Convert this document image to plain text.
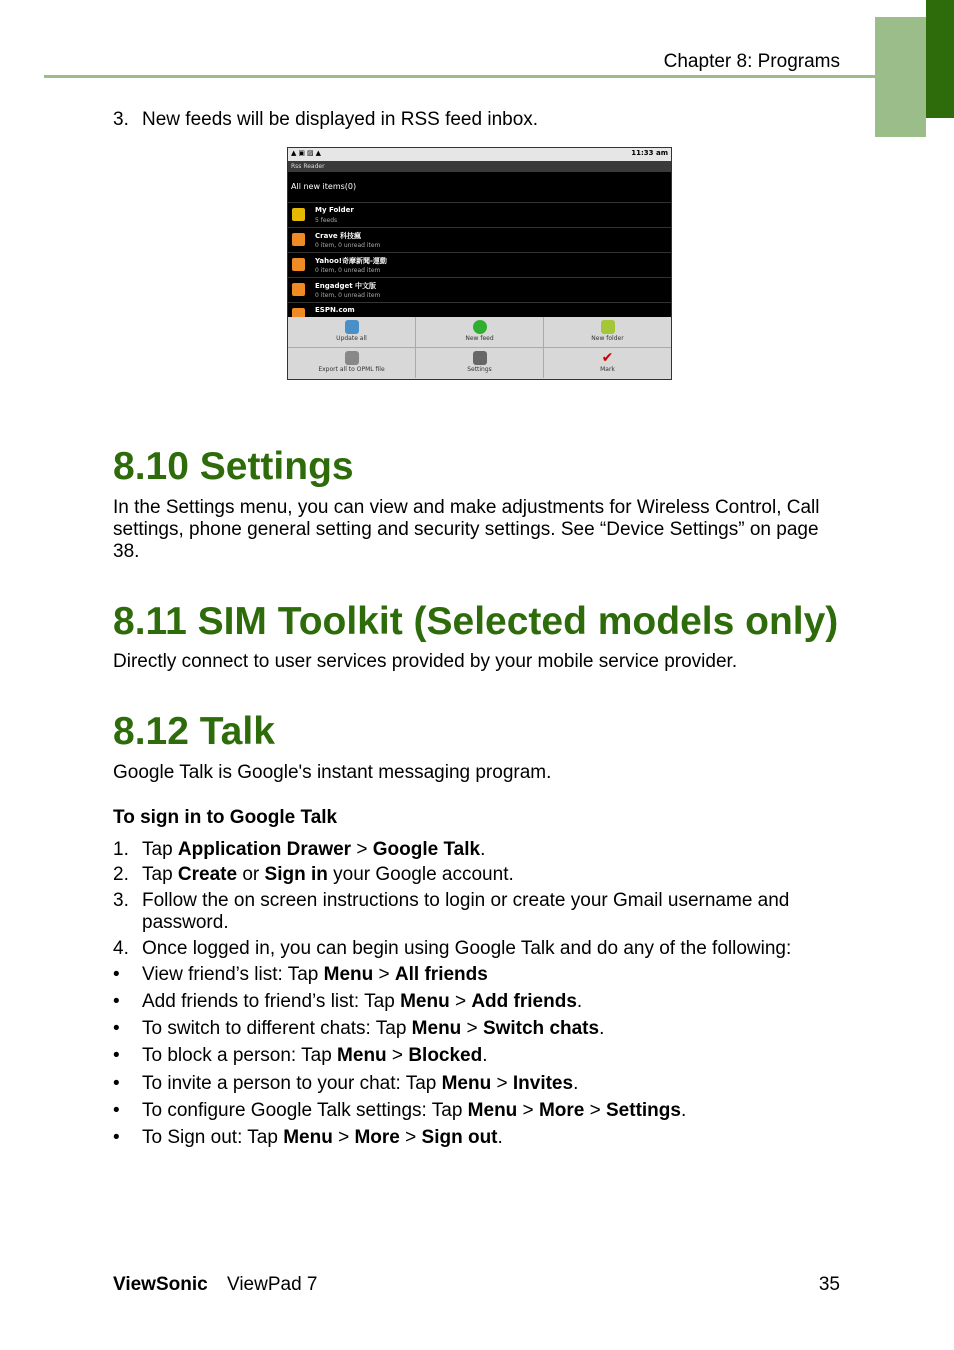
Chapter 8: Programs
3. New feeds will be displayed in RSS feed inbox.
▲▣▨▲	11:33 am
Rss Reader
All new items(0)
My Folder
5 feeds
Crave 科技瘋
0 item, 0 unread item
Yahoo!奇摩新聞-運動
0 item, 0 unread item
Engadget 中文版
0 item, 0 unread item
ESPN.com
Update all	New feed	New folder
Export all to OPML file	Settings
✔
Mark
8.10 Settings
In the Settings menu, you can view and make adjustments for Wireless Control, Call settings, phone general setting and security settings. See “Device Settings” on page 38.
8.11 SIM Toolkit (Selected models only)
Directly connect to user services provided by your mobile service provider.
8.12 Talk
Google Talk is Google's instant messaging program.
To sign in to Google Talk
1. Tap Application Drawer > Google Talk.
2. Tap Create or Sign in your Google account.
3. Follow the on screen instructions to login or create your Gmail username and password.
4. Once logged in, you can begin using Google Talk and do any of the following:
• View friend’s list: Tap Menu > All friends
• Add friends to friend’s list: Tap Menu > Add friends.
• To switch to different chats: Tap Menu > Switch chats.
• To block a person: Tap Menu > Blocked.
• To invite a person to your chat: Tap Menu > Invites.
• To configure Google Talk settings: Tap Menu > More > Settings.
• To Sign out: Tap Menu > More > Sign out.
ViewSonic ViewPad 7	35
